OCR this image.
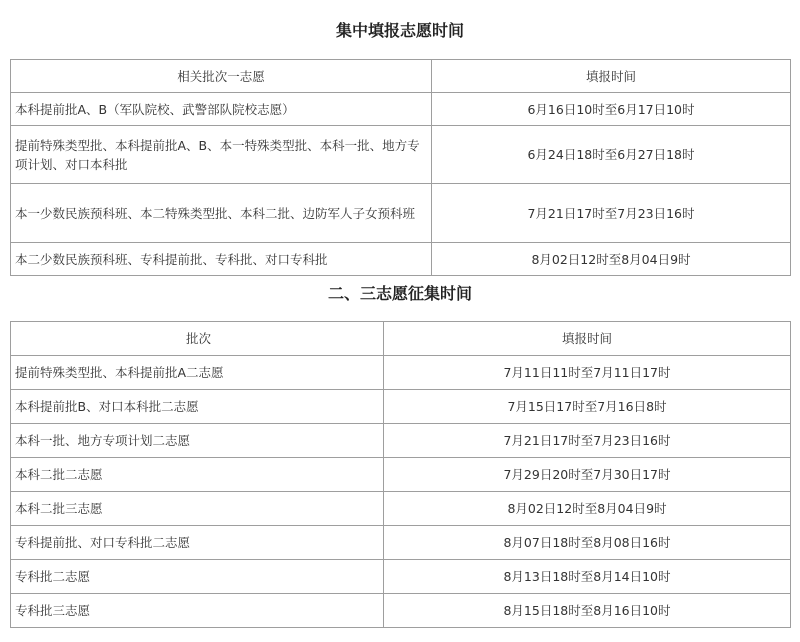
集中填报志愿时间
相关批次一志愿	填报时间
本科提前批A、B（军队院校、武警部队院校志愿）	6月16日10时至6月17日10时
提前特殊类型批、本科提前批A、B、本一特殊类型批、本科一批、地方专项计划、对口本科批	6月24日18时至6月27日18时
本一少数民族预科班、本二特殊类型批、本科二批、边防军人子女预科班	7月21日17时至7月23日16时
本二少数民族预科班、专科提前批、专科批、对口专科批	8月02日12时至8月04日9时
二、三志愿征集时间
批次	填报时间
提前特殊类型批、本科提前批A二志愿	7月11日11时至7月11日17时
本科提前批B、对口本科批二志愿	7月15日17时至7月16日8时
本科一批、地方专项计划二志愿	7月21日17时至7月23日16时
本科二批二志愿	7月29日20时至7月30日17时
本科二批三志愿	8月02日12时至8月04日9时
专科提前批、对口专科批二志愿	8月07日18时至8月08日16时
专科批二志愿	8月13日18时至8月14日10时
专科批三志愿	8月15日18时至8月16日10时
